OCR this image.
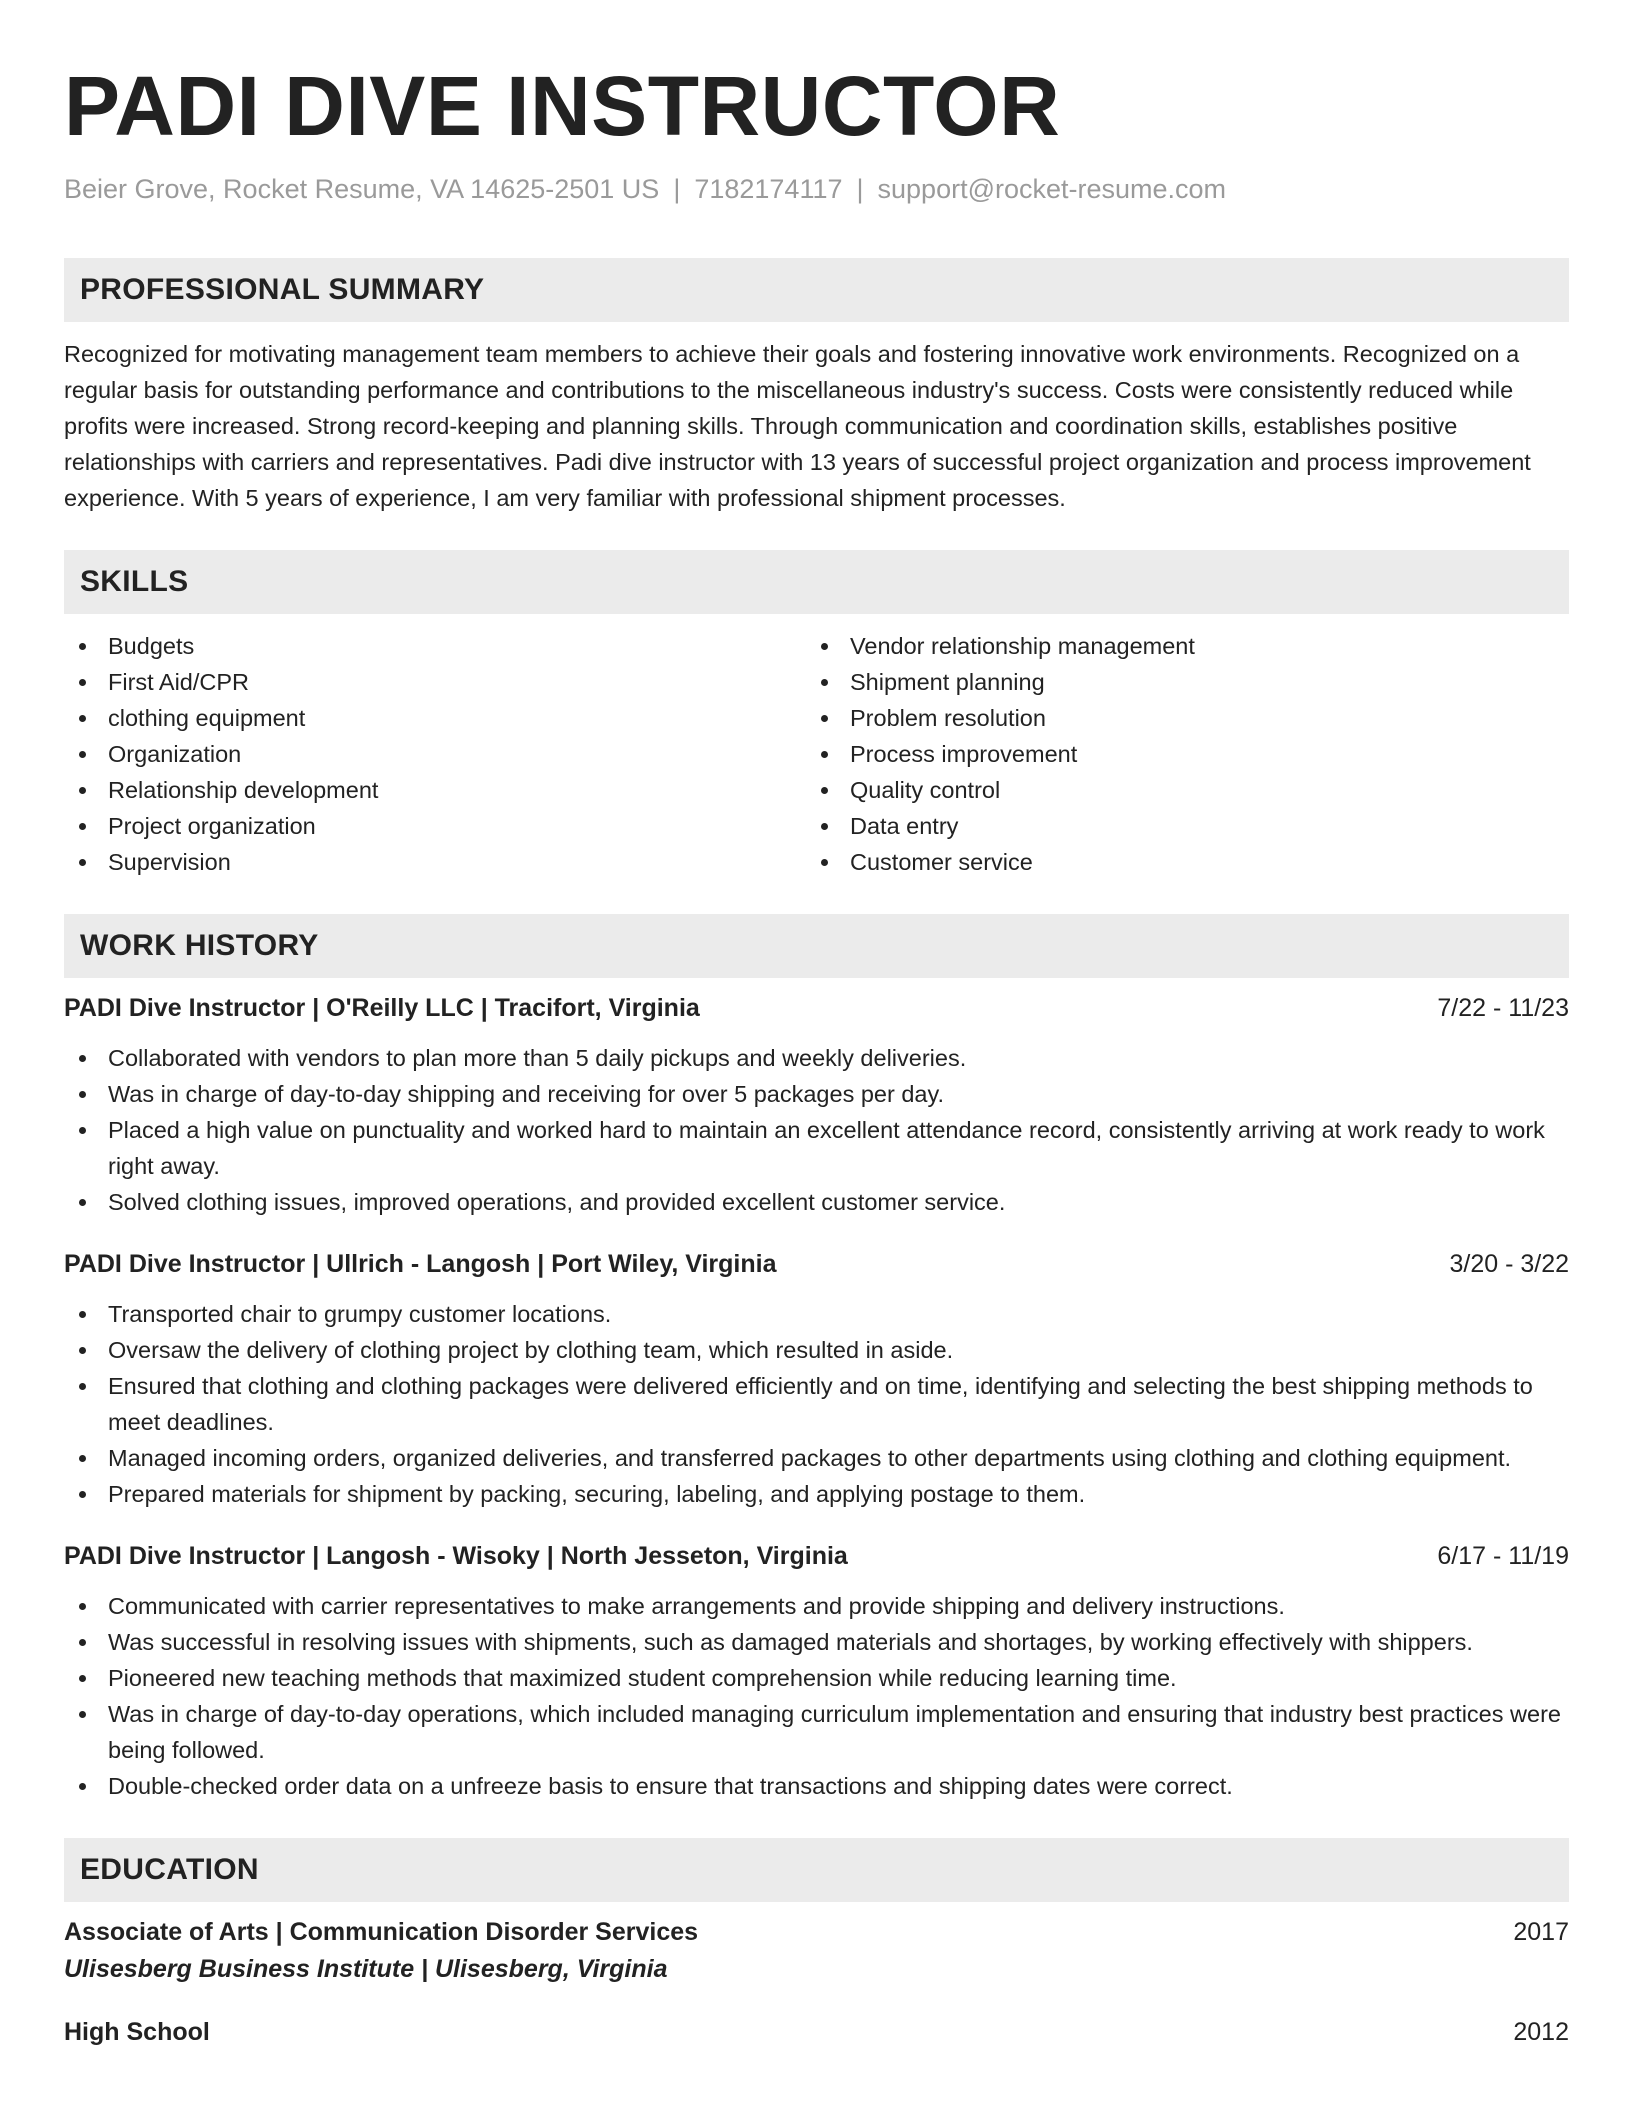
PADI DIVE INSTRUCTOR
Beier Grove, Rocket Resume, VA 14625-2501 US | 7182174117 | support@rocket-resume.com
PROFESSIONAL SUMMARY
Recognized for motivating management team members to achieve their goals and fostering innovative work environments. Recognized on a regular basis for outstanding performance and contributions to the miscellaneous industry's success. Costs were consistently reduced while profits were increased. Strong record-keeping and planning skills. Through communication and coordination skills, establishes positive relationships with carriers and representatives. Padi dive instructor with 13 years of successful project organization and process improvement experience. With 5 years of experience, I am very familiar with professional shipment processes.
SKILLS
Budgets
First Aid/CPR
clothing equipment
Organization
Relationship development
Project organization
Supervision
Vendor relationship management
Shipment planning
Problem resolution
Process improvement
Quality control
Data entry
Customer service
WORK HISTORY
PADI Dive Instructor | O'Reilly LLC | Tracifort, Virginia	7/22 - 11/23
Collaborated with vendors to plan more than 5 daily pickups and weekly deliveries.
Was in charge of day-to-day shipping and receiving for over 5 packages per day.
Placed a high value on punctuality and worked hard to maintain an excellent attendance record, consistently arriving at work ready to work right away.
Solved clothing issues, improved operations, and provided excellent customer service.
PADI Dive Instructor | Ullrich - Langosh | Port Wiley, Virginia	3/20 - 3/22
Transported chair to grumpy customer locations.
Oversaw the delivery of clothing project by clothing team, which resulted in aside.
Ensured that clothing and clothing packages were delivered efficiently and on time, identifying and selecting the best shipping methods to meet deadlines.
Managed incoming orders, organized deliveries, and transferred packages to other departments using clothing and clothing equipment.
Prepared materials for shipment by packing, securing, labeling, and applying postage to them.
PADI Dive Instructor | Langosh - Wisoky | North Jesseton, Virginia	6/17 - 11/19
Communicated with carrier representatives to make arrangements and provide shipping and delivery instructions.
Was successful in resolving issues with shipments, such as damaged materials and shortages, by working effectively with shippers.
Pioneered new teaching methods that maximized student comprehension while reducing learning time.
Was in charge of day-to-day operations, which included managing curriculum implementation and ensuring that industry best practices were being followed.
Double-checked order data on a unfreeze basis to ensure that transactions and shipping dates were correct.
EDUCATION
Associate of Arts | Communication Disorder Services	2017
Ulisesberg Business Institute | Ulisesberg, Virginia
High School	2012
